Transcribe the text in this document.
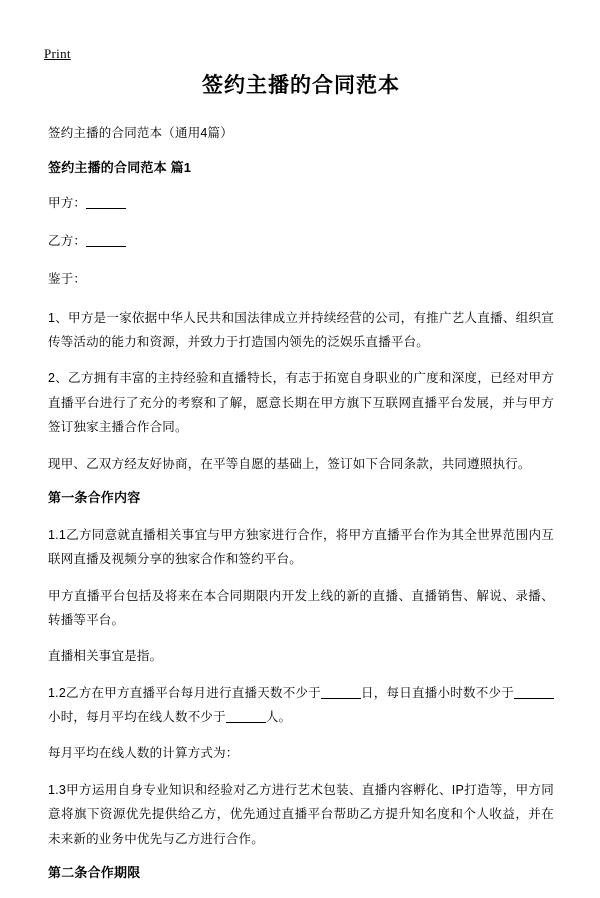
Print
签约主播的合同范本

签约主播的合同范本（通用4篇）

签约主播的合同范本 篇1

甲方：

乙方：

鉴于：

1、甲方是一家依据中华人民共和国法律成立并持续经营的公司，有推广艺人直播、组织宣传等活动的能力和资源，并致力于打造国内领先的泛娱乐直播平台。

2、乙方拥有丰富的主持经验和直播特长，有志于拓宽自身职业的广度和深度，已经对甲方直播平台进行了充分的考察和了解，愿意长期在甲方旗下互联网直播平台发展，并与甲方签订独家主播合作合同。

现甲、乙双方经友好协商，在平等自愿的基础上，签订如下合同条款，共同遵照执行。

第一条合作内容

1.1乙方同意就直播相关事宜与甲方独家进行合作，将甲方直播平台作为其全世界范围内互联网直播及视频分享的独家合作和签约平台。

甲方直播平台包括及将来在本合同期限内开发上线的新的直播、直播销售、解说、录播、转播等平台。

直播相关事宜是指。

1.2乙方在甲方直播平台每月进行直播天数不少于	日，每日直播小时数不少于小时，每月平均在线人数不少于	人。

每月平均在线人数的计算方式为：

1.3甲方运用自身专业知识和经验对乙方进行艺术包装、直播内容孵化、IP打造等，甲方同意将旗下资源优先提供给乙方，优先通过直播平台帮助乙方提升知名度和个人收益，并在未来新的业务中优先与乙方进行合作。

第二条合作期限
